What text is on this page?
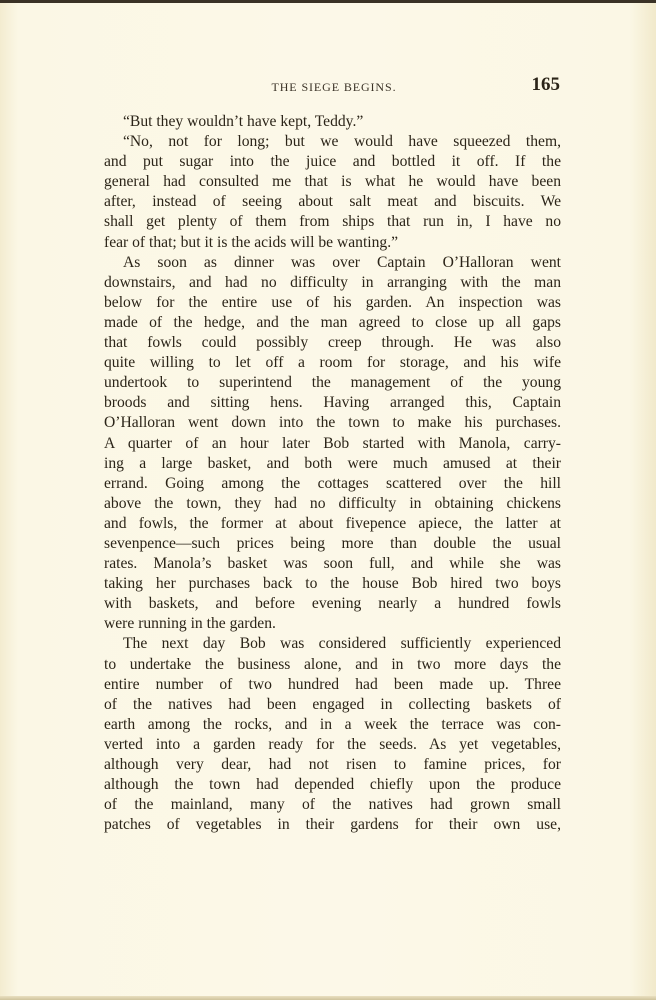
THE SIEGE BEGINS.	165
“But they wouldn’t have kept, Teddy.”
“No, not for long; but we would have squeezed them,
and put sugar into the juice and bottled it off. If the
general had consulted me that is what he would have been
after, instead of seeing about salt meat and biscuits. We
shall get plenty of them from ships that run in, I have no
fear of that; but it is the acids will be wanting.”
As soon as dinner was over Captain O’Halloran went
downstairs, and had no difficulty in arranging with the man
below for the entire use of his garden. An inspection was
made of the hedge, and the man agreed to close up all gaps
that fowls could possibly creep through. He was also
quite willing to let off a room for storage, and his wife
undertook to superintend the management of the young
broods and sitting hens. Having arranged this, Captain
O’Halloran went down into the town to make his purchases.
A quarter of an hour later Bob started with Manola, carry-
ing a large basket, and both were much amused at their
errand. Going among the cottages scattered over the hill
above the town, they had no difficulty in obtaining chickens
and fowls, the former at about fivepence apiece, the latter at
sevenpence—such prices being more than double the usual
rates. Manola’s basket was soon full, and while she was
taking her purchases back to the house Bob hired two boys
with baskets, and before evening nearly a hundred fowls
were running in the garden.
The next day Bob was considered sufficiently experienced
to undertake the business alone, and in two more days the
entire number of two hundred had been made up. Three
of the natives had been engaged in collecting baskets of
earth among the rocks, and in a week the terrace was con-
verted into a garden ready for the seeds. As yet vegetables,
although very dear, had not risen to famine prices, for
although the town had depended chiefly upon the produce
of the mainland, many of the natives had grown small
patches of vegetables in their gardens for their own use,
